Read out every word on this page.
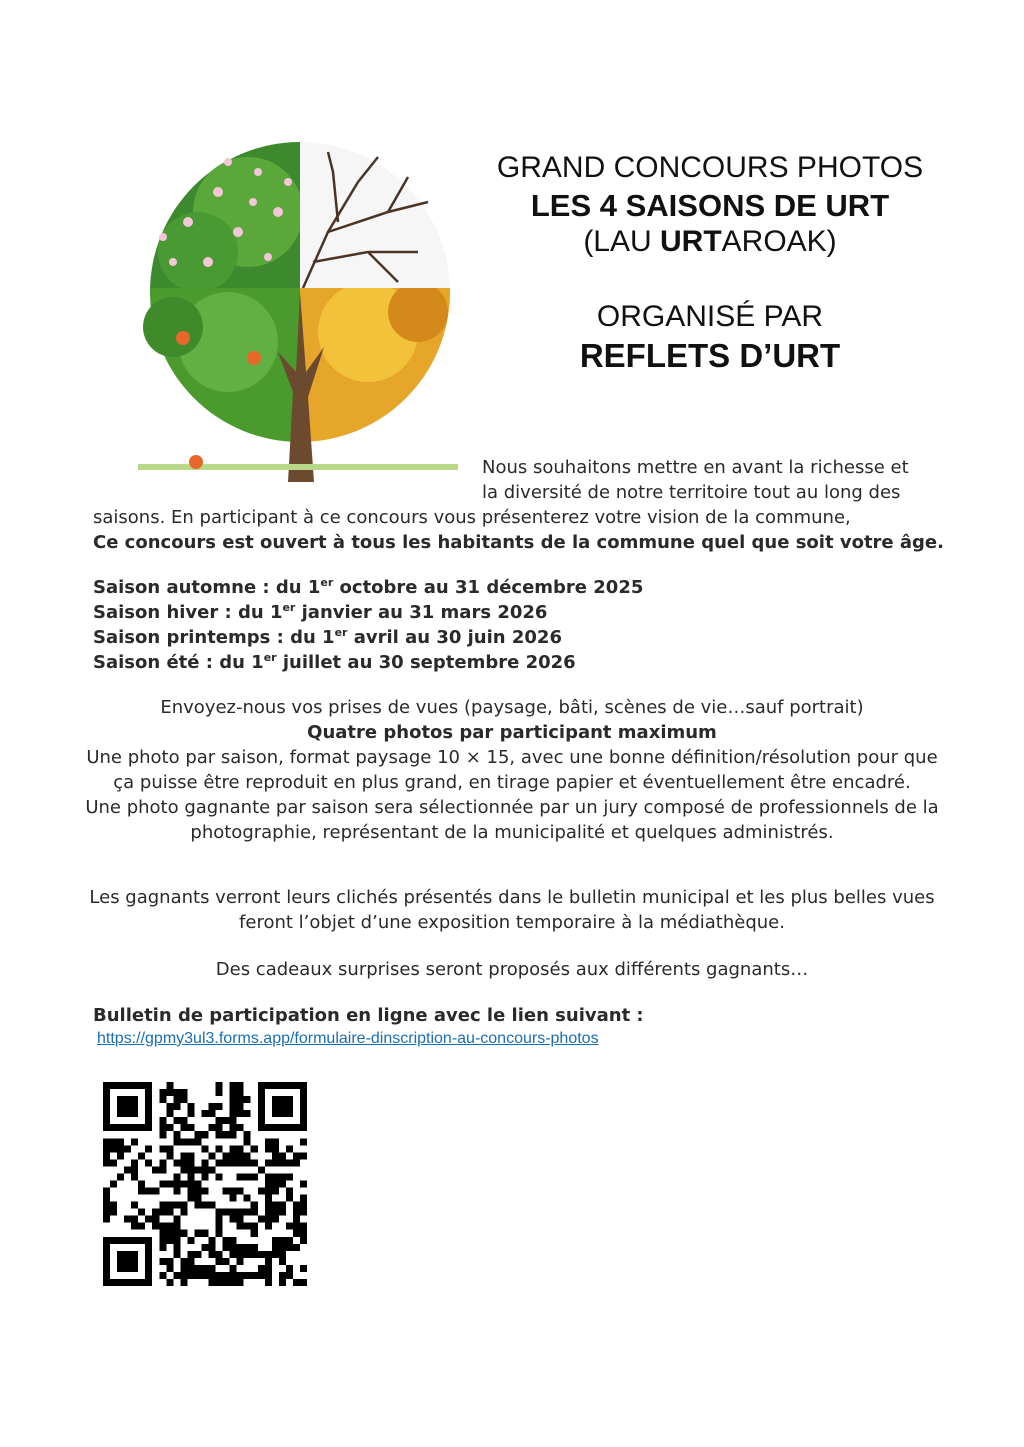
GRAND CONCOURS PHOTOS
LES 4 SAISONS DE URT
(LAU URTAROAK)
ORGANISÉ PAR
REFLETS D’URT
Nous souhaitons mettre en avant la richesse et
la diversité de notre territoire tout au long des
saisons. En participant à ce concours vous présenterez votre vision de la commune,
Ce concours est ouvert à tous les habitants de la commune quel que soit votre âge.
Saison automne : du 1er octobre au 31 décembre 2025
Saison hiver : du 1er janvier au 31 mars 2026
Saison printemps : du 1er avril au 30 juin 2026
Saison été : du 1er juillet au 30 septembre 2026
Envoyez-nous vos prises de vues (paysage, bâti, scènes de vie…sauf portrait)
Quatre photos par participant maximum
Une photo par saison, format paysage 10 × 15, avec une bonne définition/résolution pour que ça puisse être reproduit en plus grand, en tirage papier et éventuellement être encadré.
Une photo gagnante par saison sera sélectionnée par un jury composé de professionnels de la photographie, représentant de la municipalité et quelques administrés.
Les gagnants verront leurs clichés présentés dans le bulletin municipal et les plus belles vues feront l’objet d’une exposition temporaire à la médiathèque.
Des cadeaux surprises seront proposés aux différents gagnants…
Bulletin de participation en ligne avec le lien suivant :
https://gpmy3ul3.forms.app/formulaire-dinscription-au-concours-photos
